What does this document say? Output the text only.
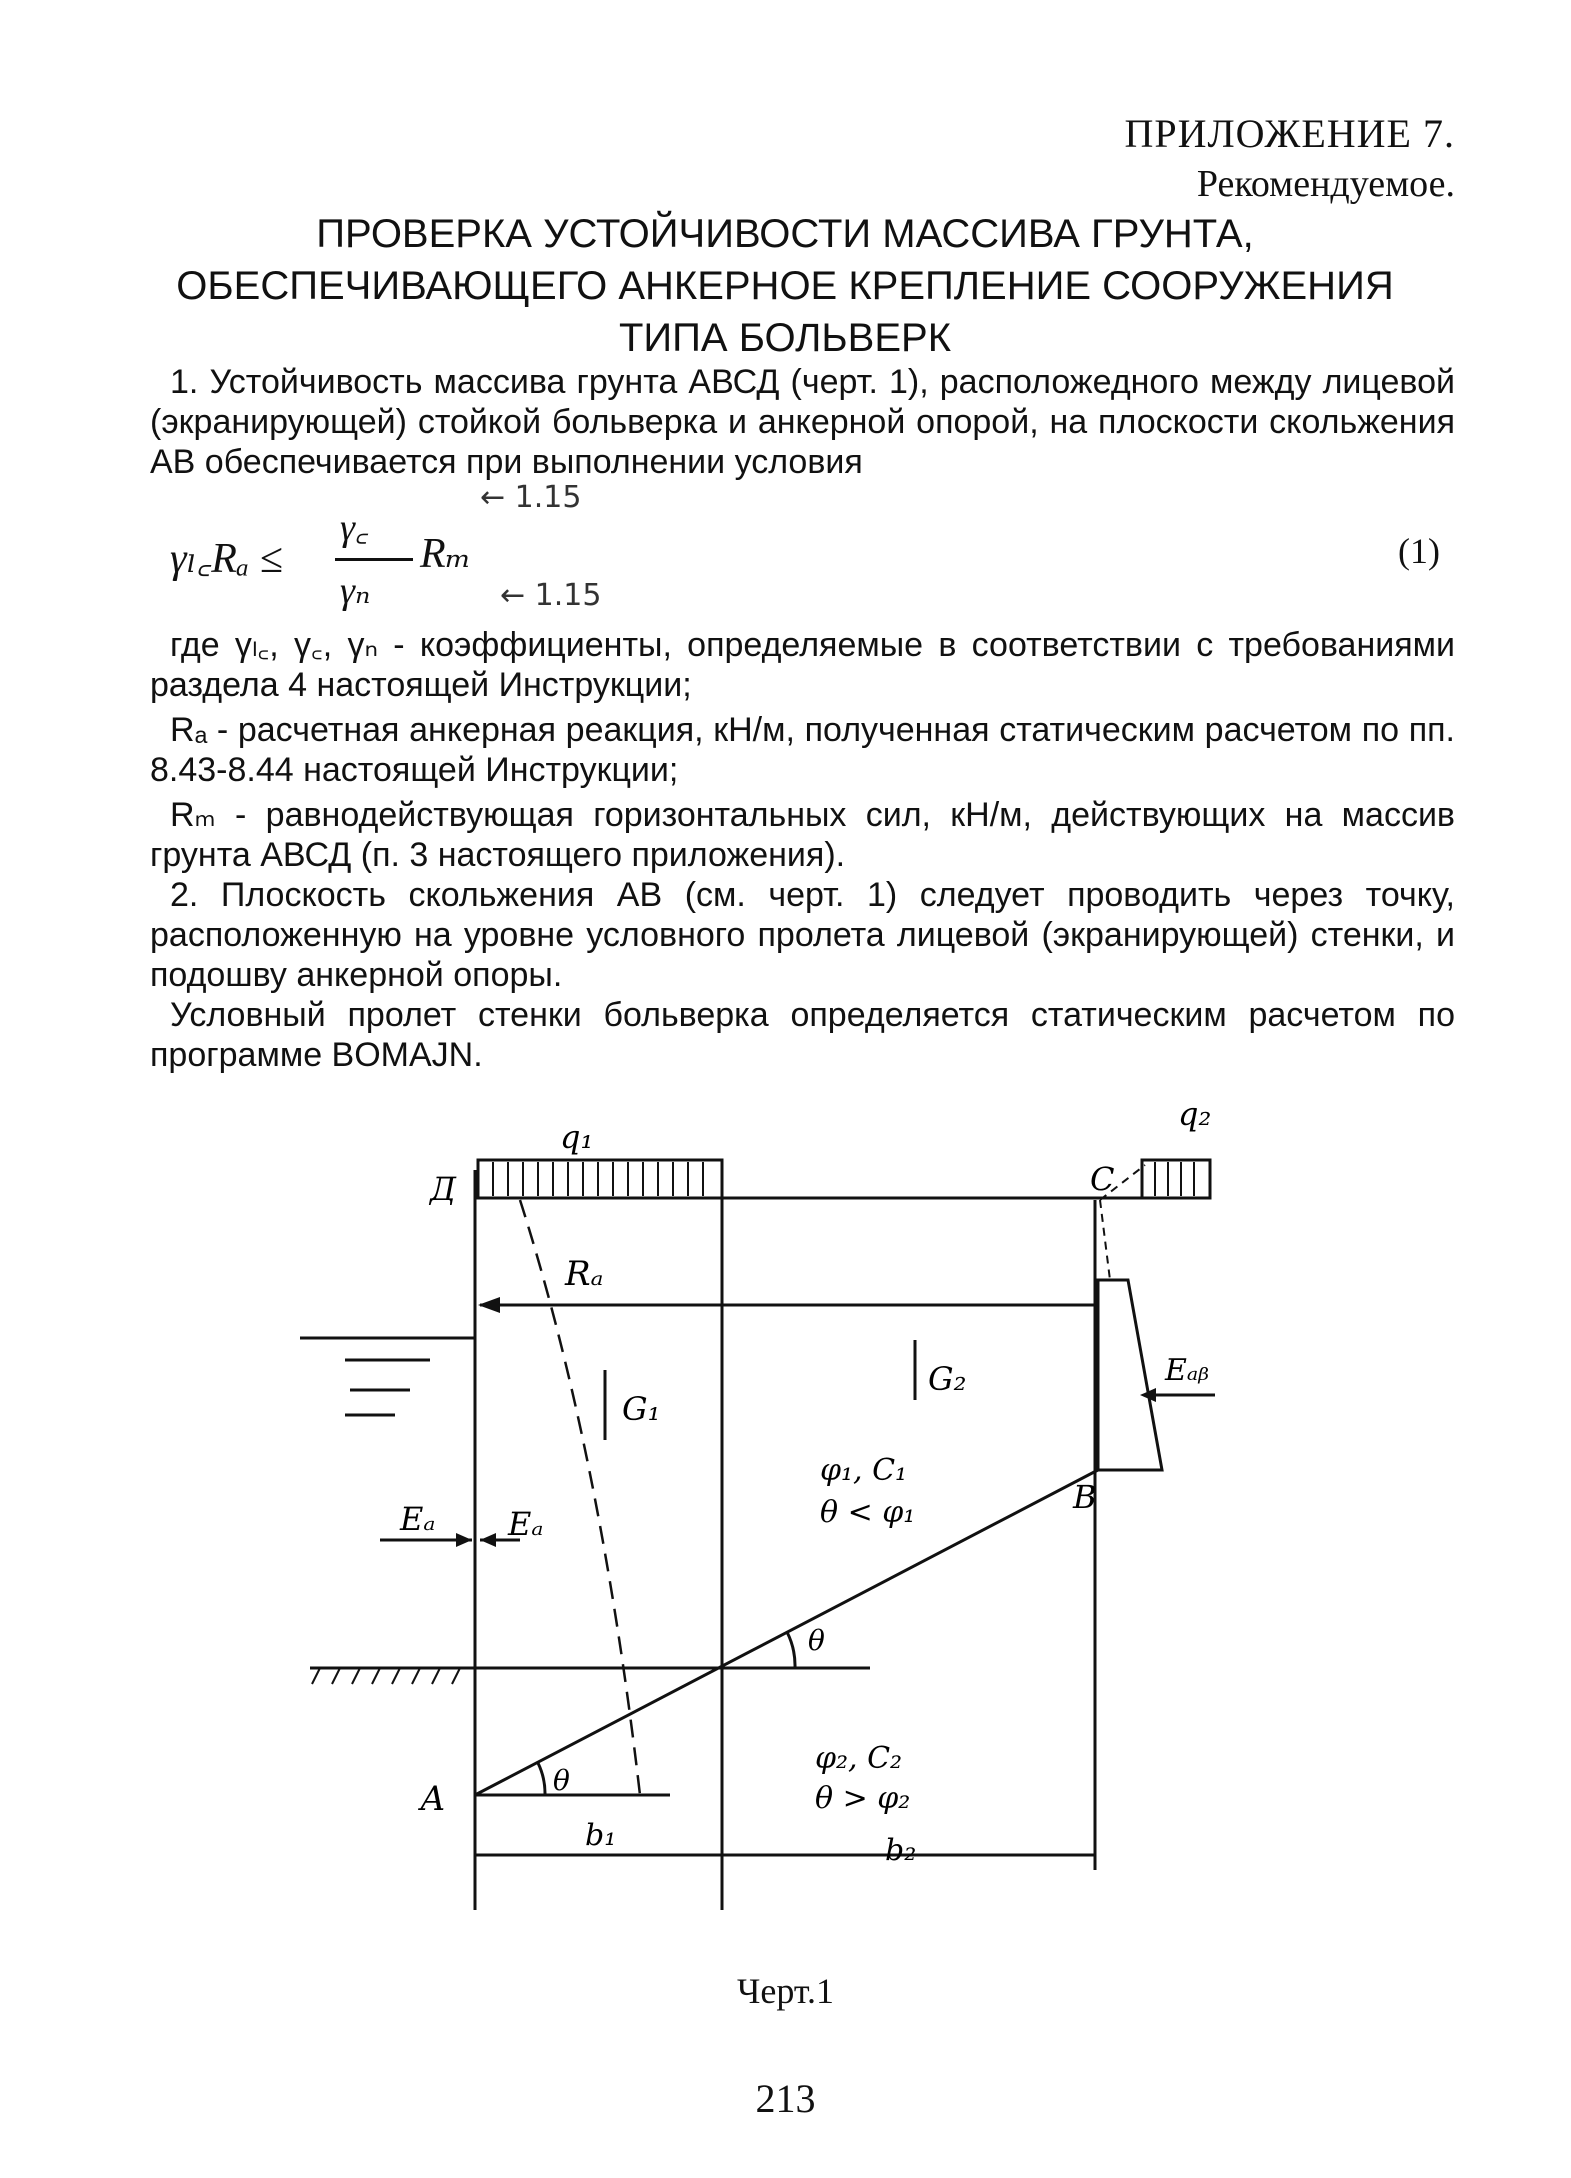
ПРИЛОЖЕНИЕ 7.
Рекомендуемое.
ПРОВЕРКА УСТОЙЧИВОСТИ МАССИВА ГРУНТА,
ОБЕСПЕЧИВАЮЩЕГО АНКЕРНОЕ КРЕПЛЕНИЕ СООРУЖЕНИЯ
ТИПА БОЛЬВЕРК
1. Устойчивость массива грунта АВСД (черт. 1), расположедного между лицевой (экранирующей) стойкой больверка и анкерной опорой, на плоскости скольжения АВ обеспечивается при выполнении условия
γₗ꜀Rₐ ≤
γ꜀
γₙ
Rₘ
← 1.15
← 1.15
(1)
где γₗ꜀, γ꜀, γₙ - коэффициенты, определяемые в соответствии с требованиями раздела 4 настоящей Инструкции;
Rₐ - расчетная анкерная реакция, кН/м, полученная статическим расчетом по пп. 8.43-8.44 настоящей Инструкции;
Rₘ - равнодействующая горизонтальных сил, кН/м, действующих на массив грунта АВСД (п. 3 настоящего приложения).
2. Плоскость скольжения АВ (см. черт. 1) следует проводить через точку, расположенную на уровне условного пролета лицевой (экранирующей) стенки, и подошву анкерной опоры.
Условный пролет стенки больверка определяется статическим расчетом по программе BOMAJN.
q₁
q₂
Д	С
Rₐ
G₁
G₂	Eₐᵦ
φ₁, C₁
θ < φ₁	В
Eₐ Eₐ
θ
θ
А
φ₂, C₂
θ > φ₂
b₁	b₂
Черт.1
213
